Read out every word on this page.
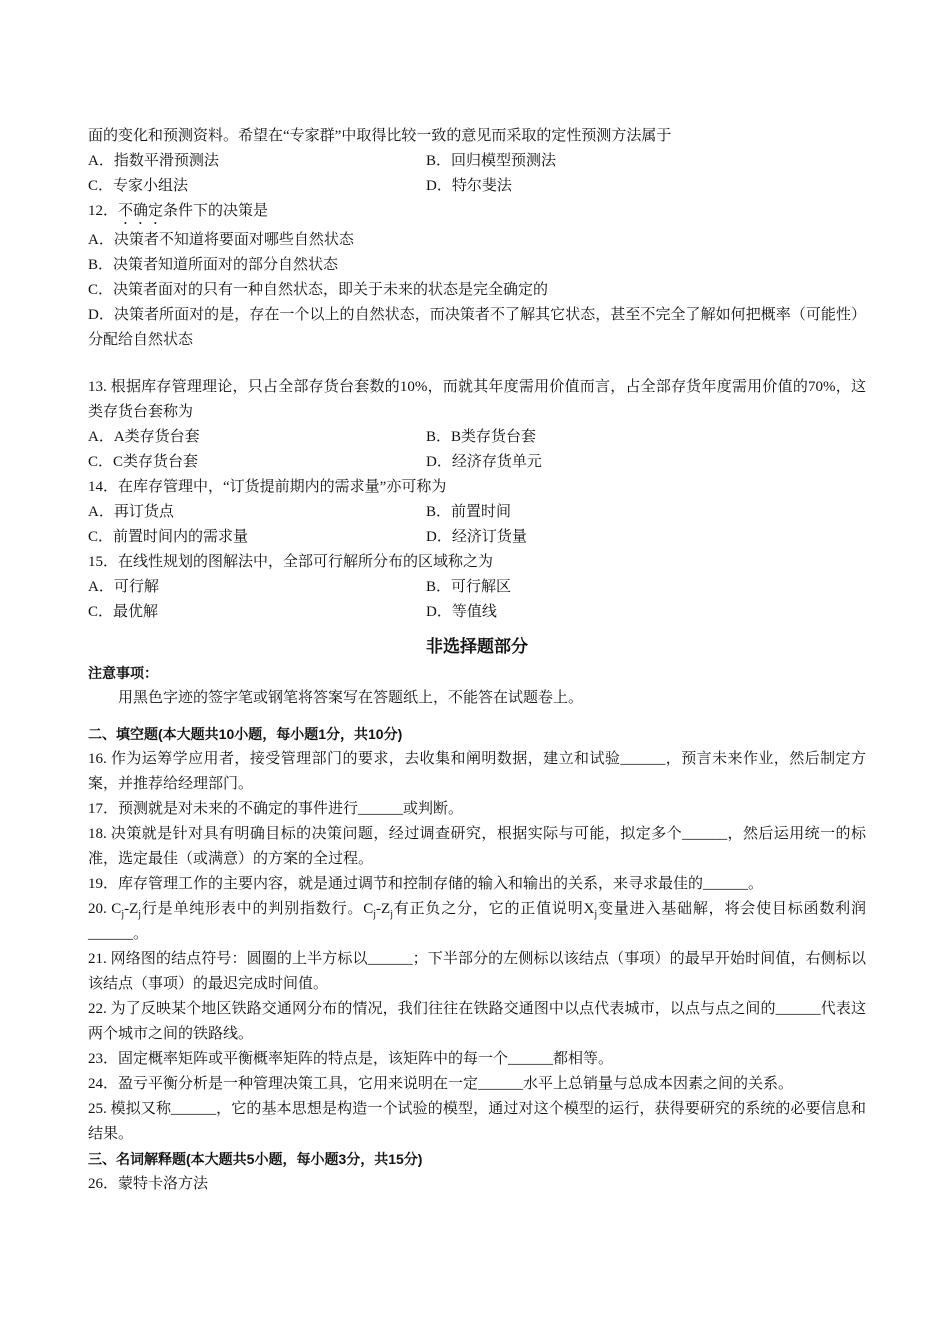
面的变化和预测资料。希望在“专家群”中取得比较一致的意见而采取的定性预测方法属于
A．指数平滑预测法	B．回归模型预测法
C．专家小组法	D．特尔斐法
12．不确定条件下的决策是
A．决策者不知道将要面对哪些自然状态
B．决策者知道所面对的部分自然状态
C．决策者面对的只有一种自然状态，即关于未来的状态是完全确定的
D．决策者所面对的是，存在一个以上的自然状态，而决策者不了解其它状态，甚至不完全了解如何把概率（可能性）分配给自然状态
13. 根据库存管理理论，只占全部存货台套数的10%，而就其年度需用价值而言，占全部存货年度需用价值的70%，这类存货台套称为
A．A类存货台套	B．B类存货台套
C．C类存货台套	D．经济存货单元
14．在库存管理中，“订货提前期内的需求量”亦可称为
A．再订货点	B．前置时间
C．前置时间内的需求量	D．经济订货量
15．在线性规划的图解法中，全部可行解所分布的区域称之为
A．可行解	B．可行解区
C．最优解	D．等值线
非选择题部分
注意事项：
用黑色字迹的签字笔或钢笔将答案写在答题纸上，不能答在试题卷上。
二、填空题(本大题共10小题，每小题1分，共10分)
16. 作为运筹学应用者，接受管理部门的要求，去收集和阐明数据，建立和试验______，预言未来作业，然后制定方案，并推荐给经理部门。
17．预测就是对未来的不确定的事件进行______或判断。
18. 决策就是针对具有明确目标的决策问题，经过调查研究，根据实际与可能，拟定多个______，然后运用统一的标准，选定最佳（或满意）的方案的全过程。
19．库存管理工作的主要内容，就是通过调节和控制存储的输入和输出的关系，来寻求最佳的______。
20. $C_j-Z_j$行是单纯形表中的判别指数行。$C_j-Z_j$有正负之分，它的正值说明$X_j$变量进入基础解，将会使目标函数利润______。
21. 网络图的结点符号：圆圈的上半方标以______；下半部分的左侧标以该结点（事项）的最早开始时间值，右侧标以该结点（事项）的最迟完成时间值。
22. 为了反映某个地区铁路交通网分布的情况，我们往往在铁路交通图中以点代表城市，以点与点之间的______代表这两个城市之间的铁路线。
23．固定概率矩阵或平衡概率矩阵的特点是，该矩阵中的每一个______都相等。
24．盈亏平衡分析是一种管理决策工具，它用来说明在一定______水平上总销量与总成本因素之间的关系。
25. 模拟又称______，它的基本思想是构造一个试验的模型，通过对这个模型的运行，获得要研究的系统的必要信息和结果。
三、名词解释题(本大题共5小题，每小题3分，共15分)
26．蒙特卡洛方法
